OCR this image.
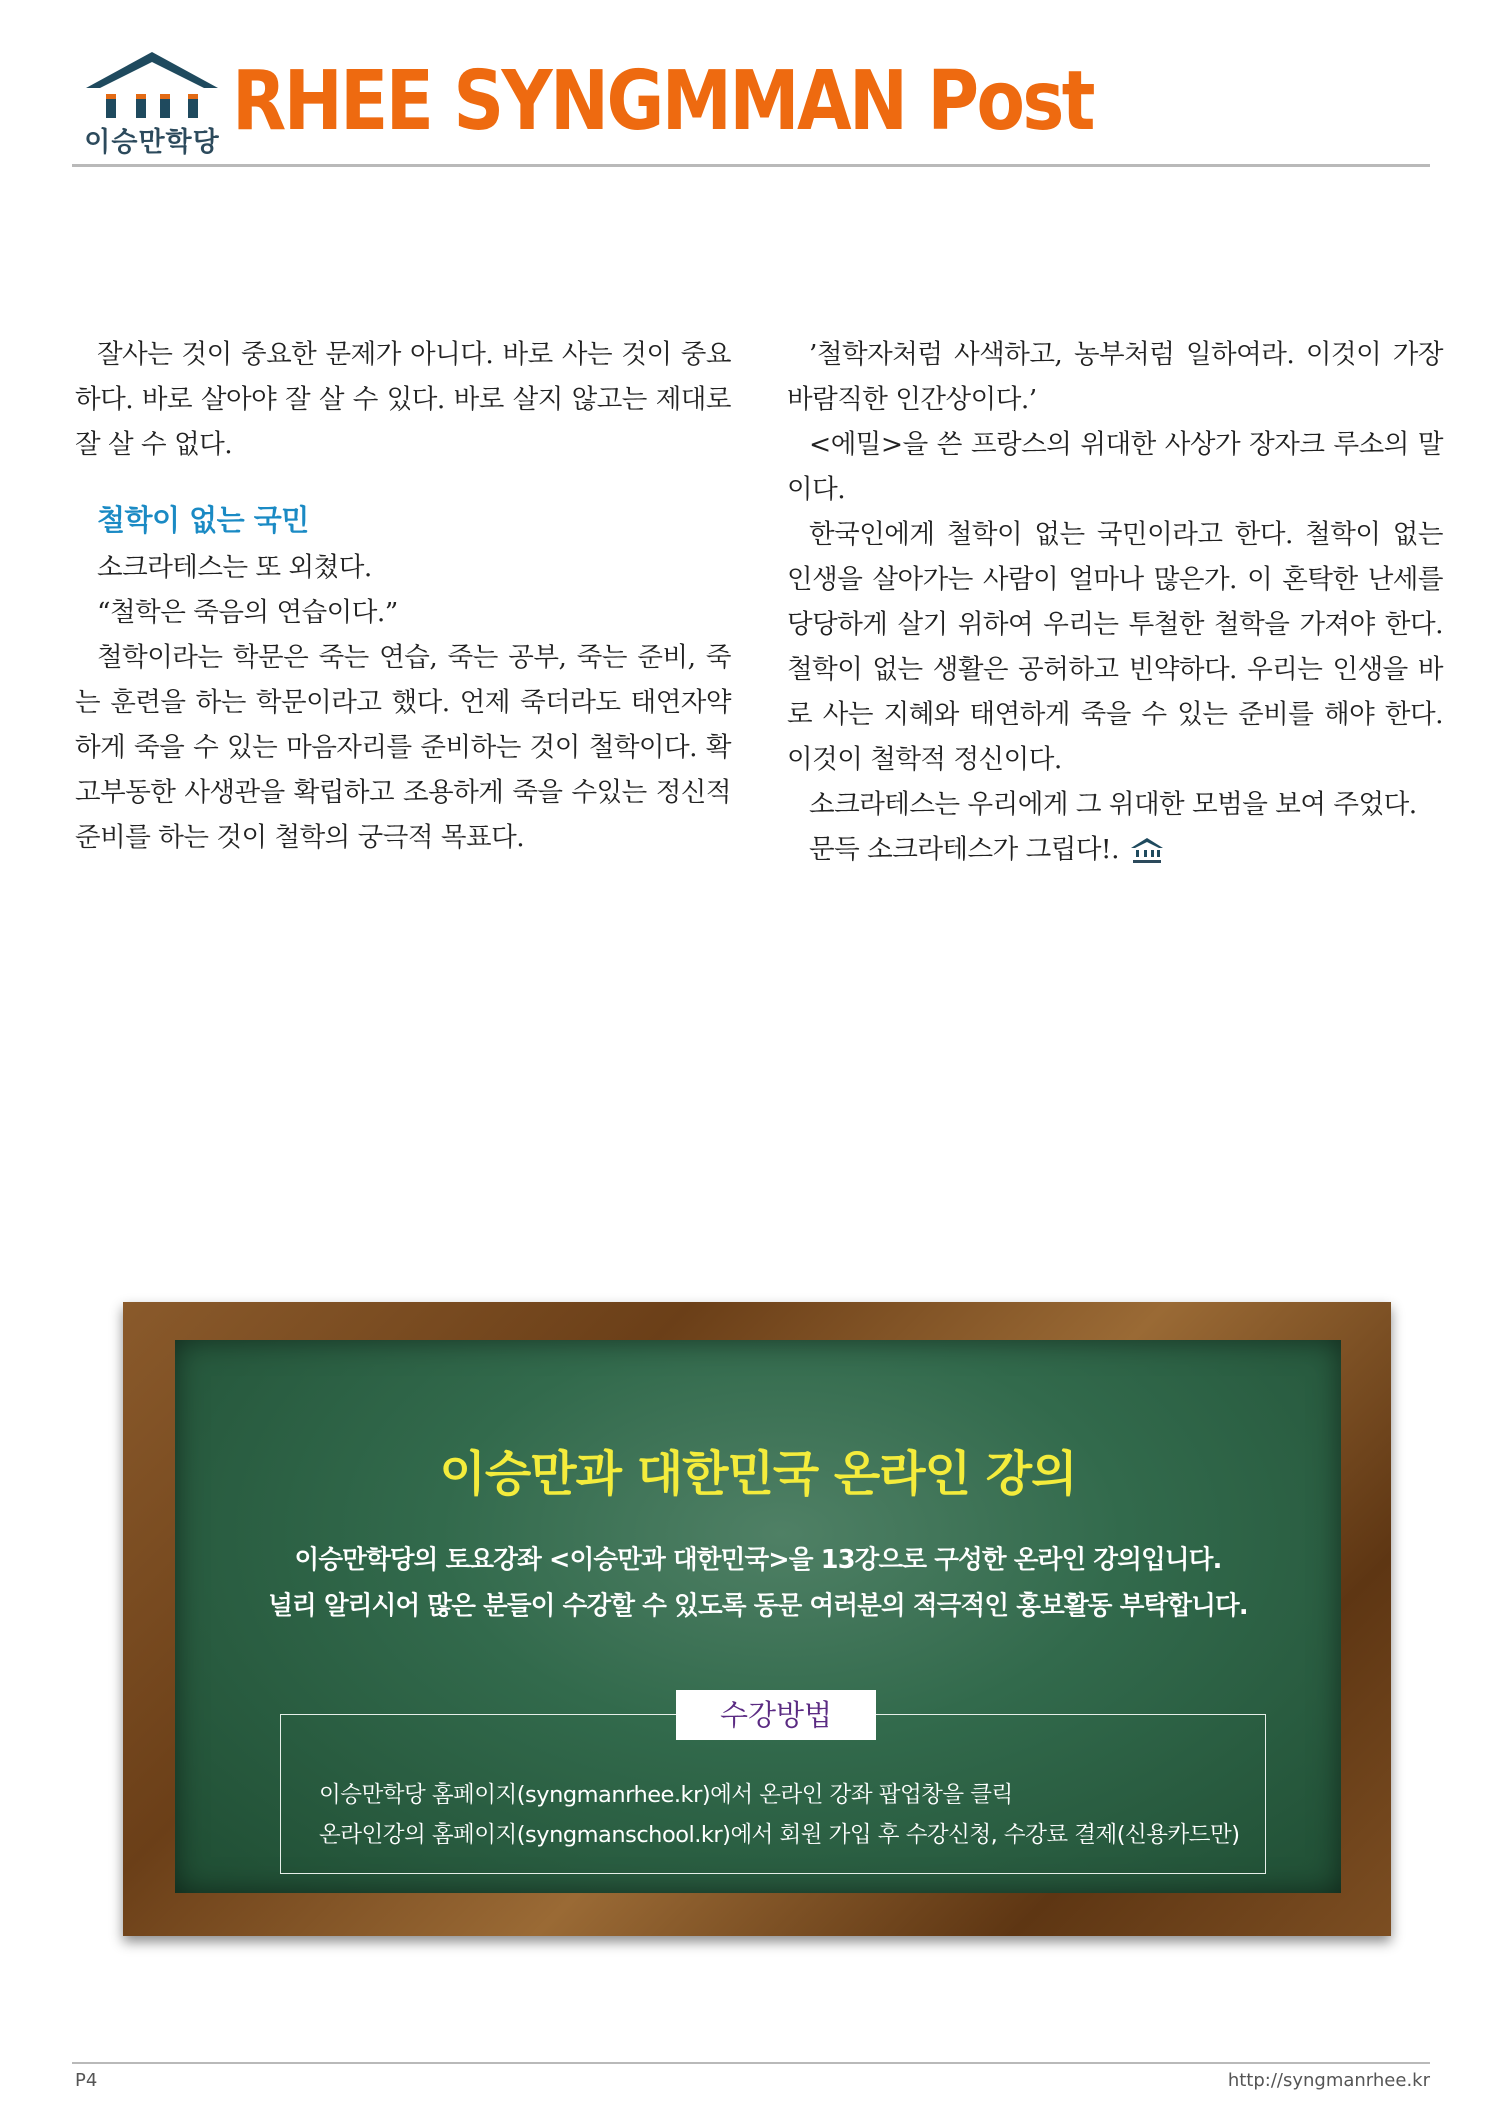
이승만학당 RHEE SYNGMMAN Post

잘사는 것이 중요한 문제가 아니다. 바로 사는 것이 중요하다. 바로 살아야 잘 살 수 있다. 바로 살지 않고는 제대로 잘 살 수 없다.

철학이 없는 국민

소크라테스는 또 외쳤다.

“철학은 죽음의 연습이다.”

철학이라는 학문은 죽는 연습, 죽는 공부, 죽는 준비, 죽는 훈련을 하는 학문이라고 했다. 언제 죽더라도 태연자약하게 죽을 수 있는 마음자리를 준비하는 것이 철학이다. 확고부동한 사생관을 확립하고 조용하게 죽을 수있는 정신적 준비를 하는 것이 철학의 궁극적 목표다.

’철학자처럼 사색하고, 농부처럼 일하여라. 이것이 가장 바람직한 인간상이다.’

<에밀>을 쓴 프랑스의 위대한 사상가 장자크 루소의 말이다.

한국인에게 철학이 없는 국민이라고 한다. 철학이 없는 인생을 살아가는 사람이 얼마나 많은가. 이 혼탁한 난세를 당당하게 살기 위하여 우리는 투철한 철학을 가져야 한다. 철학이 없는 생활은 공허하고 빈약하다. 우리는 인생을 바로 사는 지혜와 태연하게 죽을 수 있는 준비를 해야 한다. 이것이 철학적 정신이다.

소크라테스는 우리에게 그 위대한 모범을 보여 주었다.

문득 소크라테스가 그립다!.

이승만과 대한민국 온라인 강의
이승만학당의 토요강좌 <이승만과 대한민국>을 13강으로 구성한 온라인 강의입니다.
널리 알리시어 많은 분들이 수강할 수 있도록 동문 여러분의 적극적인 홍보활동 부탁합니다.
수강방법
이승만학당 홈페이지(syngmanrhee.kr)에서 온라인 강좌 팝업창을 클릭
온라인강의 홈페이지(syngmanschool.kr)에서 회원 가입 후 수강신청, 수강료 결제(신용카드만)
P4	http://syngmanrhee.kr
